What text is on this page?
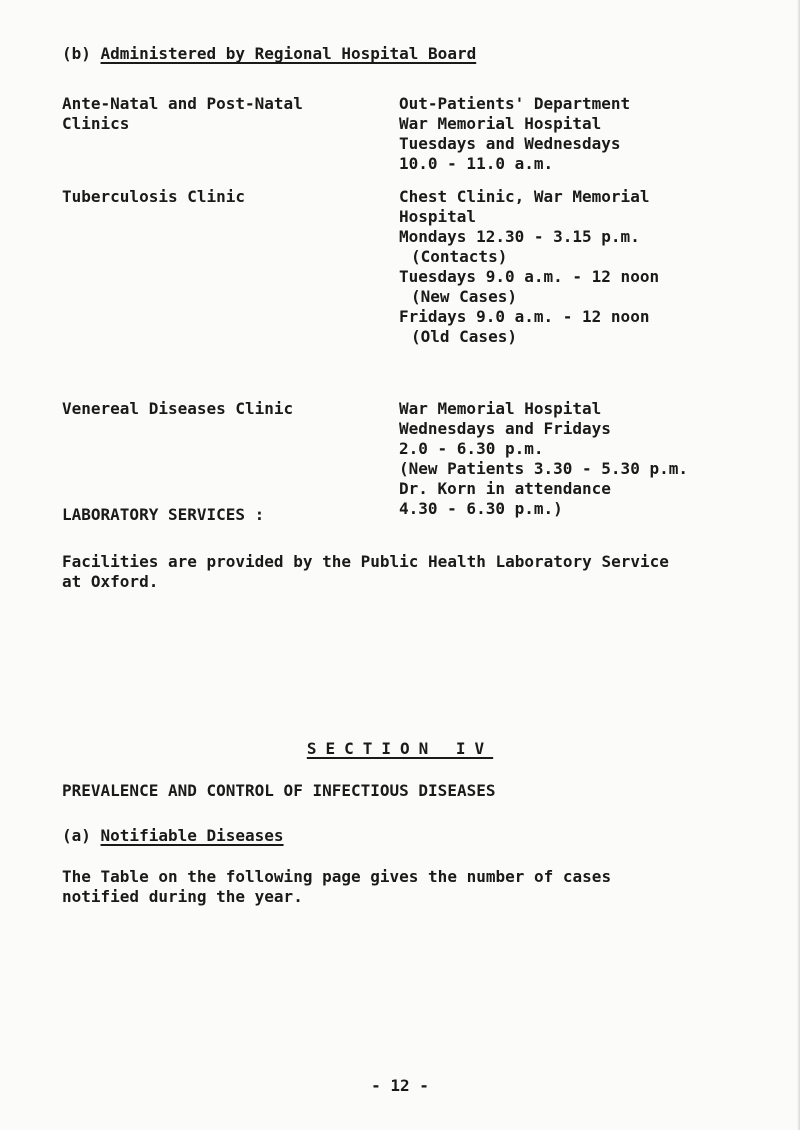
(b) Administered by Regional Hospital Board
Ante-Natal and Post-Natal
Clinics
Out-Patients' Department
War Memorial Hospital
Tuesdays and Wednesdays
10.0 - 11.0 a.m.
Tuberculosis Clinic	Chest Clinic, War Memorial
Hospital
Mondays 12.30 - 3.15 p.m.
(Contacts)
Tuesdays 9.0 a.m. - 12 noon
(New Cases)
Fridays 9.0 a.m. - 12 noon
(Old Cases)
Venereal Diseases Clinic	War Memorial Hospital
Wednesdays and Fridays
2.0 - 6.30 p.m.
(New Patients 3.30 - 5.30 p.m.
Dr. Korn in attendance
4.30 - 6.30 p.m.)
LABORATORY SERVICES :
Facilities are provided by the Public Health Laboratory Service
at Oxford.
SECTION IV
PREVALENCE AND CONTROL OF INFECTIOUS DISEASES
(a) Notifiable Diseases
The Table on the following page gives the number of cases
notified during the year.
- 12 -
